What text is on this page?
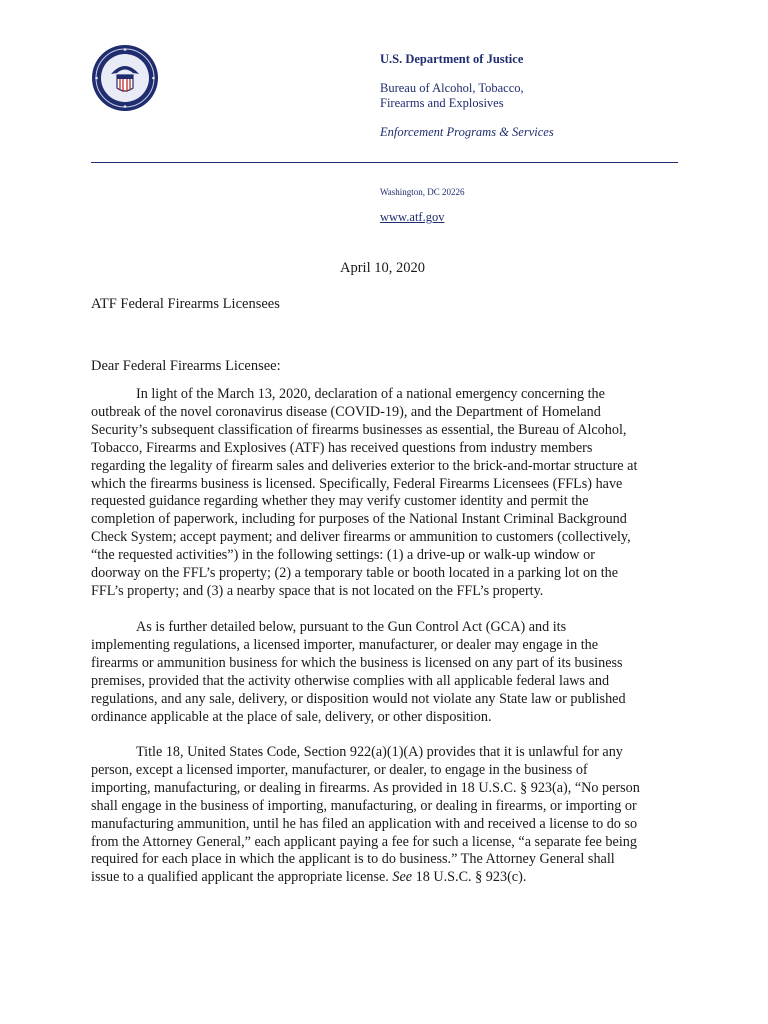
U.S. Department of Justice
Bureau of Alcohol, Tobacco,
Firearms and Explosives
Enforcement Programs & Services
Washington, DC 20226
www.atf.gov
April 10, 2020
ATF Federal Firearms Licensees
Dear Federal Firearms Licensee:
In light of the March 13, 2020, declaration of a national emergency concerning the
outbreak of the novel coronavirus disease (COVID-19), and the Department of Homeland
Security’s subsequent classification of firearms businesses as essential, the Bureau of Alcohol,
Tobacco, Firearms and Explosives (ATF) has received questions from industry members
regarding the legality of firearm sales and deliveries exterior to the brick-and-mortar structure at
which the firearms business is licensed. Specifically, Federal Firearms Licensees (FFLs) have
requested guidance regarding whether they may verify customer identity and permit the
completion of paperwork, including for purposes of the National Instant Criminal Background
Check System; accept payment; and deliver firearms or ammunition to customers (collectively,
“the requested activities”) in the following settings: (1) a drive-up or walk-up window or
doorway on the FFL’s property; (2) a temporary table or booth located in a parking lot on the
FFL’s property; and (3) a nearby space that is not located on the FFL’s property.
As is further detailed below, pursuant to the Gun Control Act (GCA) and its
implementing regulations, a licensed importer, manufacturer, or dealer may engage in the
firearms or ammunition business for which the business is licensed on any part of its business
premises, provided that the activity otherwise complies with all applicable federal laws and
regulations, and any sale, delivery, or disposition would not violate any State law or published
ordinance applicable at the place of sale, delivery, or other disposition.
Title 18, United States Code, Section 922(a)(1)(A) provides that it is unlawful for any
person, except a licensed importer, manufacturer, or dealer, to engage in the business of
importing, manufacturing, or dealing in firearms. As provided in 18 U.S.C. § 923(a), “No person
shall engage in the business of importing, manufacturing, or dealing in firearms, or importing or
manufacturing ammunition, until he has filed an application with and received a license to do so
from the Attorney General,” each applicant paying a fee for such a license, “a separate fee being
required for each place in which the applicant is to do business.” The Attorney General shall
issue to a qualified applicant the appropriate license. See 18 U.S.C. § 923(c).
